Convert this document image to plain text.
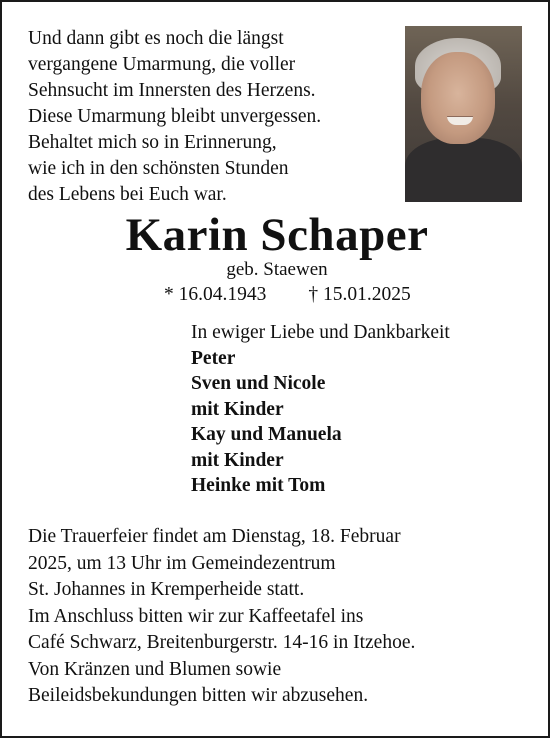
Und dann gibt es noch die längst
vergangene Umarmung, die voller
Sehnsucht im Innersten des Herzens.
Diese Umarmung bleibt unvergessen.
Behaltet mich so in Erinnerung,
wie ich in den schönsten Stunden
des Lebens bei Euch war.
Karin Schaper
geb. Staewen
* 16.04.1943 † 15.01.2025
In ewiger Liebe und Dankbarkeit
Peter
Sven und Nicole
mit Kinder
Kay und Manuela
mit Kinder
Heinke mit Tom
Die Trauerfeier findet am Dienstag, 18. Februar
2025, um 13 Uhr im Gemeindezentrum
St. Johannes in Kremperheide statt.
Im Anschluss bitten wir zur Kaffeetafel ins
Café Schwarz, Breitenburgerstr. 14-16 in Itzehoe.
Von Kränzen und Blumen sowie
Beileidsbekundungen bitten wir abzusehen.
